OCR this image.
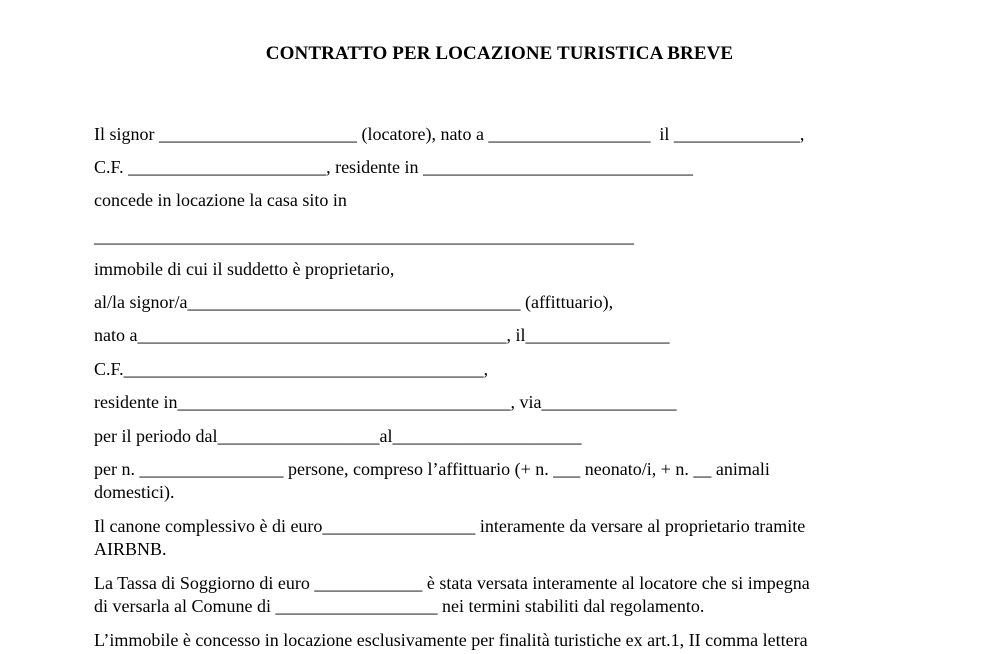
CONTRATTO PER LOCAZIONE TURISTICA BREVE
Il signor ______________________ (locatore), nato a __________________  il ______________,
C.F. ______________________, residente in ______________________________
concede in locazione la casa sito in
____________________________________________________________
immobile di cui il suddetto è proprietario,
al/la signor/a_____________________________________ (affittuario),
nato a_________________________________________, il________________
C.F.________________________________________,
residente in_____________________________________, via_______________
per il periodo dal__________________al_____________________
per n. ________________ persone, compreso l’affittuario (+ n. ___ neonato/i, + n. __ animali
domestici).
Il canone complessivo è di euro_________________ interamente da versare al proprietario tramite
AIRBNB.
La Tassa di Soggiorno di euro ____________ è stata versata interamente al locatore che si impegna
di versarla al Comune di __________________ nei termini stabiliti dal regolamento.
L’immobile è concesso in locazione esclusivamente per finalità turistiche ex art.1, II comma lettera
